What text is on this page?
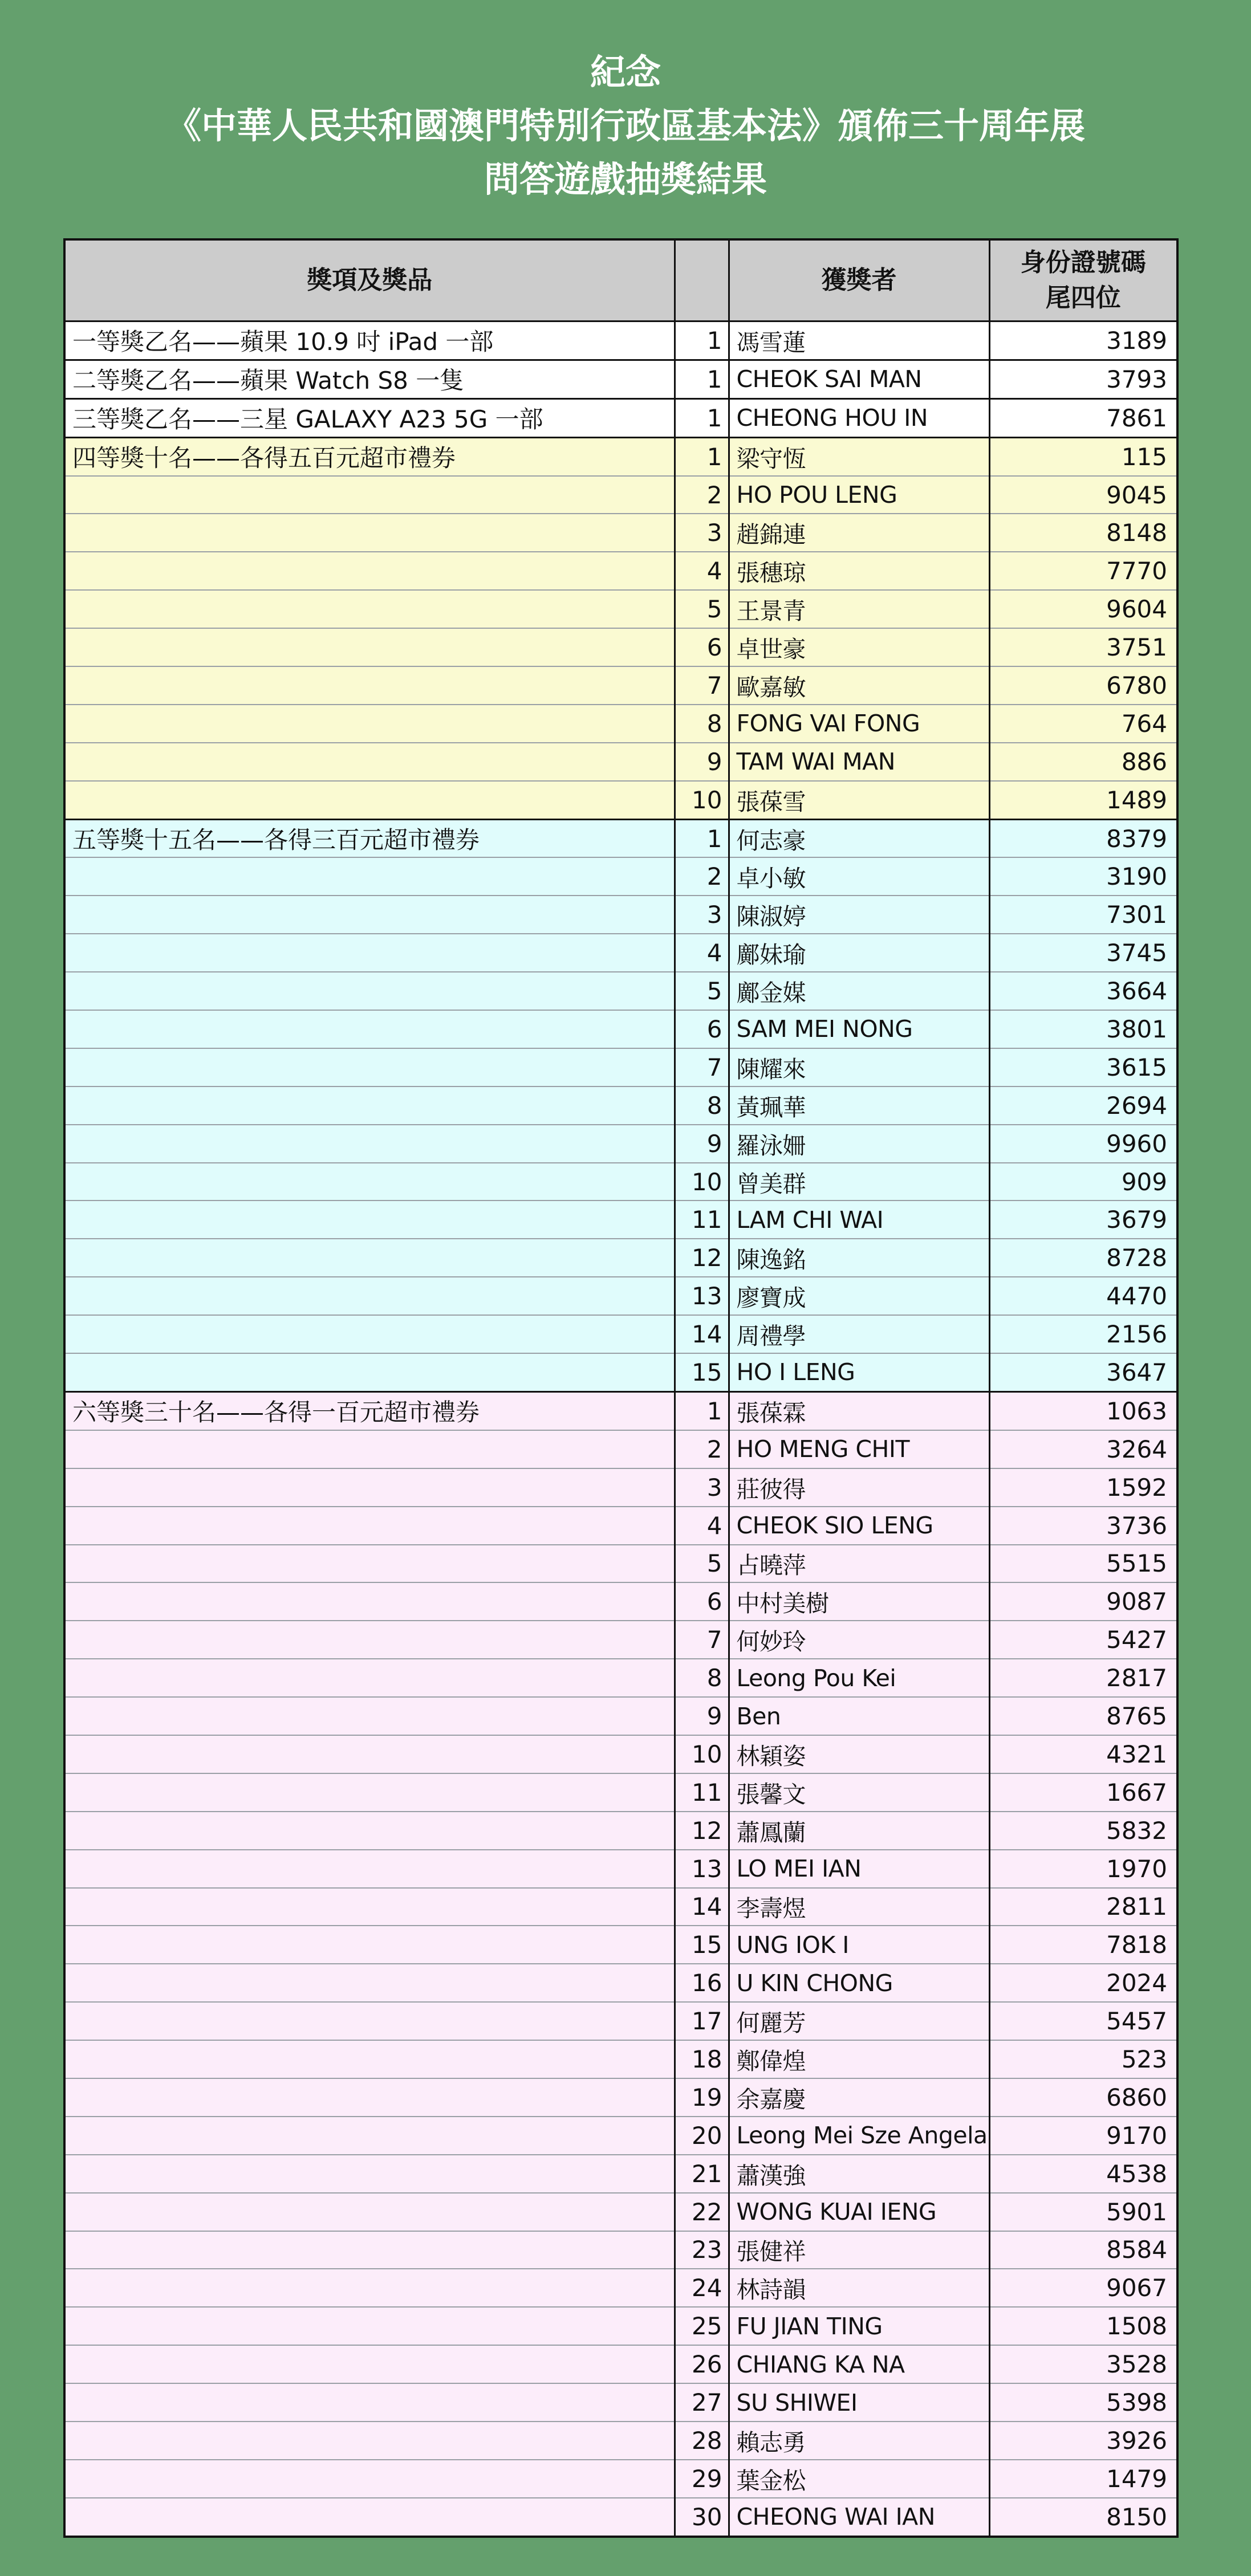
紀念
《中華人民共和國澳門特別行政區基本法》頒佈三十周年展
問答遊戲抽獎結果
獎項及獎品		獲獎者	身份證號碼
尾四位

一等獎乙名——蘋果 10.9 吋 iPad 一部	1	馮雪蓮	3189
二等獎乙名——蘋果 Watch S8 一隻	1	CHEOK SAI MAN	3793
三等獎乙名——三星 GALAXY A23 5G 一部	1	CHEONG HOU IN	7861
四等獎十名——各得五百元超市禮券	1	梁守恆	115
	2	HO POU LENG	9045
	3	趙錦連	8148
	4	張穗琼	7770
	5	王景青	9604
	6	卓世豪	3751
	7	歐嘉敏	6780
	8	FONG VAI FONG	764
	9	TAM WAI MAN	886
	10	張葆雪	1489
五等獎十五名——各得三百元超市禮券	1	何志豪	8379
	2	卓小敏	3190
	3	陳淑婷	7301
	4	鄺妹瑜	3745
	5	鄺金媒	3664
	6	SAM MEI NONG	3801
	7	陳耀來	3615
	8	黃珮華	2694
	9	羅泳姍	9960
	10	曾美群	909
	11	LAM CHI WAI	3679
	12	陳逸銘	8728
	13	廖寶成	4470
	14	周禮學	2156
	15	HO I LENG	3647
六等獎三十名——各得一百元超市禮券	1	張葆霖	1063
	2	HO MENG CHIT	3264
	3	莊彼得	1592
	4	CHEOK SIO LENG	3736
	5	占曉萍	5515
	6	中村美樹	9087
	7	何妙玲	5427
	8	Leong Pou Kei	2817
	9	Ben	8765
	10	林穎姿	4321
	11	張馨文	1667
	12	蕭鳳蘭	5832
	13	LO MEI IAN	1970
	14	李壽煜	2811
	15	UNG IOK I	7818
	16	U KIN CHONG	2024
	17	何麗芳	5457
	18	鄭偉煌	523
	19	余嘉慶	6860
	20	Leong Mei Sze Angela	9170
	21	蕭漢強	4538
	22	WONG KUAI IENG	5901
	23	張健祥	8584
	24	林詩韻	9067
	25	FU JIAN TING	1508
	26	CHIANG KA NA	3528
	27	SU SHIWEI	5398
	28	賴志勇	3926
	29	葉金松	1479
	30	CHEONG WAI IAN	8150
